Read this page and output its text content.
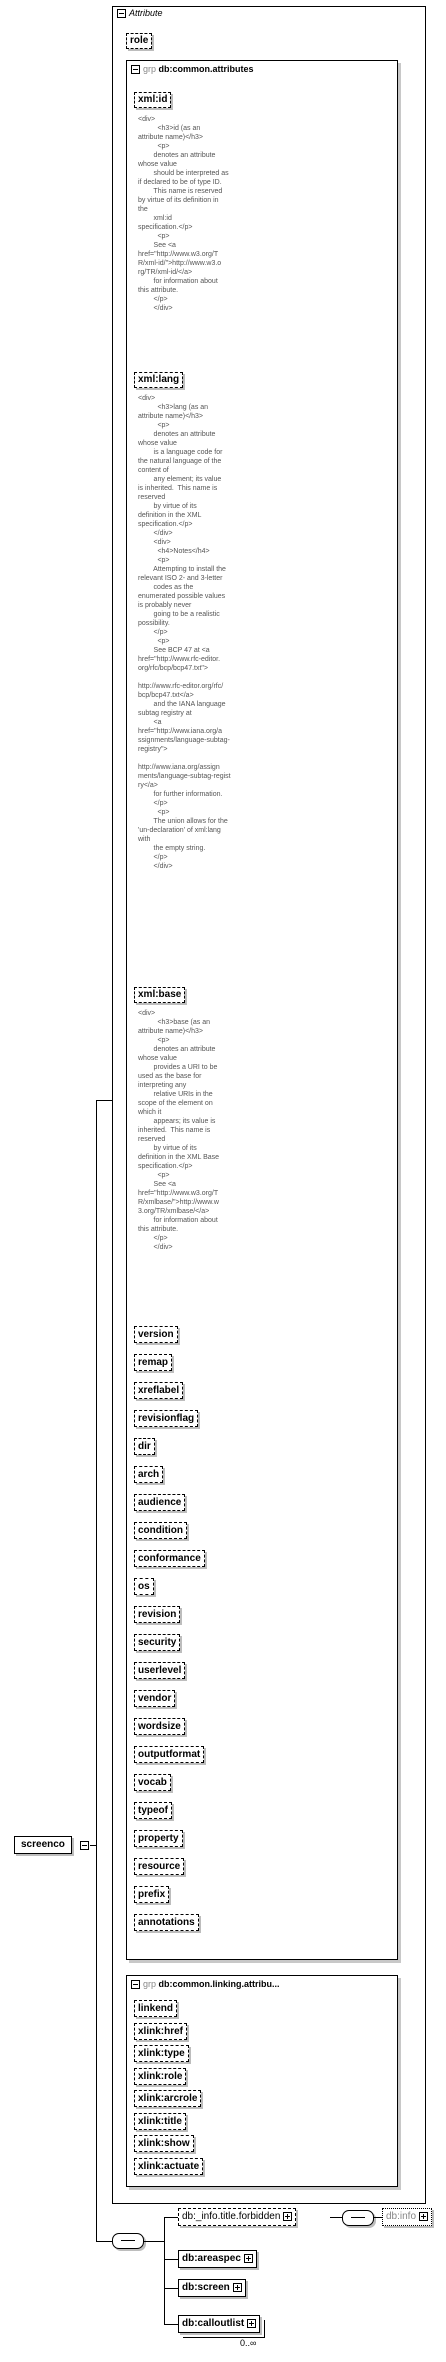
screenco
Attribute
role
grp db:common.attributes
xml:id
<div>
<h3>id (as an
attribute name)</h3>
<p>
denotes an attribute
whose value
should be interpreted as
if declared to be of type ID.
This name is reserved
by virtue of its definition in
the
xml:id
specification.</p>
<p>
See <a
href="http://www.w3.org/T
R/xml-id/">http://www.w3.o
rg/TR/xml-id/</a>
for information about
this attribute.
</p>
</div>
xml:lang
<div>
<h3>lang (as an
attribute name)</h3>
<p>
denotes an attribute
whose value
is a language code for
the natural language of the
content of
any element; its value
is inherited.  This name is
reserved
by virtue of its
definition in the XML
specification.</p>
</div>
<div>
<h4>Notes</h4>
<p>
Attempting to install the
relevant ISO 2- and 3-letter
codes as the
enumerated possible values
is probably never
going to be a realistic
possibility.
</p>
<p>
See BCP 47 at <a
href="http://www.rfc-editor.
org/rfc/bcp/bcp47.txt">

http://www.rfc-editor.org/rfc/
bcp/bcp47.txt</a>
and the IANA language
subtag registry at
<a
href="http://www.iana.org/a
ssignments/language-subtag-
registry">

http://www.iana.org/assign
ments/language-subtag-regist
ry</a>
for further information.
</p>
<p>
The union allows for the
'un-declaration' of xml:lang
with
the empty string.
</p>
</div>
xml:base
<div>
<h3>base (as an
attribute name)</h3>
<p>
denotes an attribute
whose value
provides a URI to be
used as the base for
interpreting any
relative URIs in the
scope of the element on
which it
appears; its value is
inherited.  This name is
reserved
by virtue of its
definition in the XML Base
specification.</p>
<p>
See <a
href="http://www.w3.org/T
R/xmlbase/">http://www.w
3.org/TR/xmlbase/</a>
for information about
this attribute.
</p>
</div>
grp db:common.linking.attribu...
db:_info.title.forbidden	db:info
db:areaspec
db:screen
db:calloutlist
0..∞
version
remap
xreflabel
revisionflag
dir
arch
audience
condition
conformance
os
revision
security
userlevel
vendor
wordsize
outputformat
vocab
typeof
property
resource
prefix
annotations
linkend
xlink:href
xlink:type
xlink:role
xlink:arcrole
xlink:title
xlink:show
xlink:actuate
